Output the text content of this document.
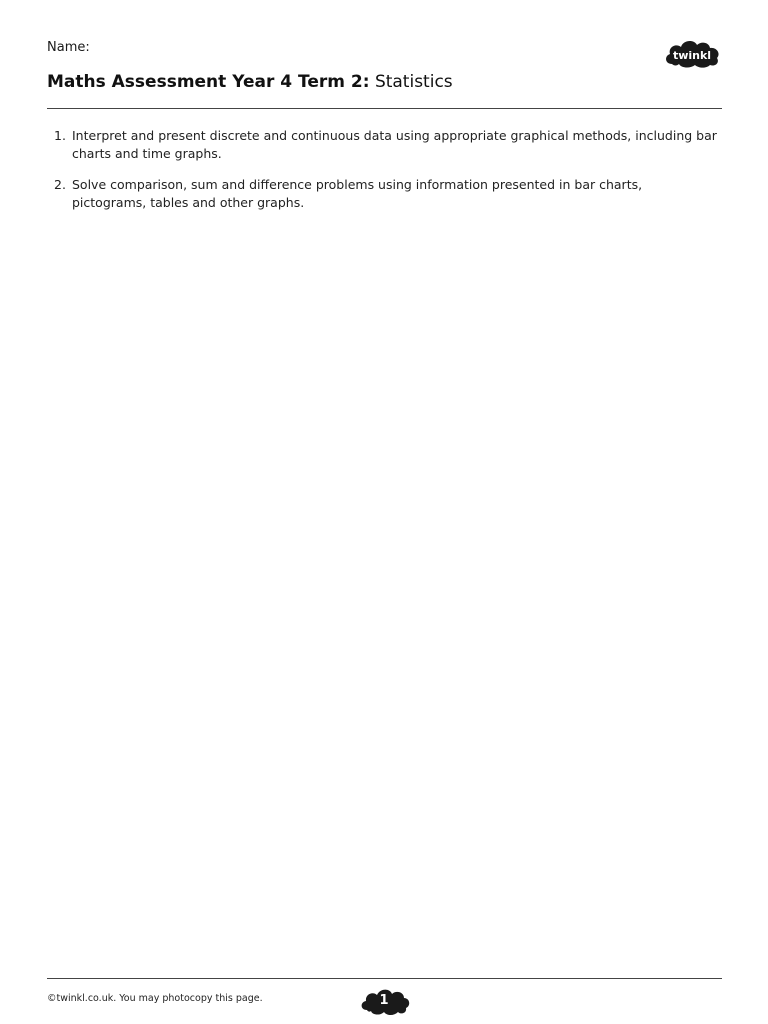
Name:
twinkl
Maths Assessment Year 4 Term 2: Statistics
1. Interpret and present discrete and continuous data using appropriate graphical methods, including bar charts and time graphs.
2. Solve comparison, sum and difference problems using information presented in bar charts, pictograms, tables and other graphs.
©twinkl.co.uk. You may photocopy this page.	1
